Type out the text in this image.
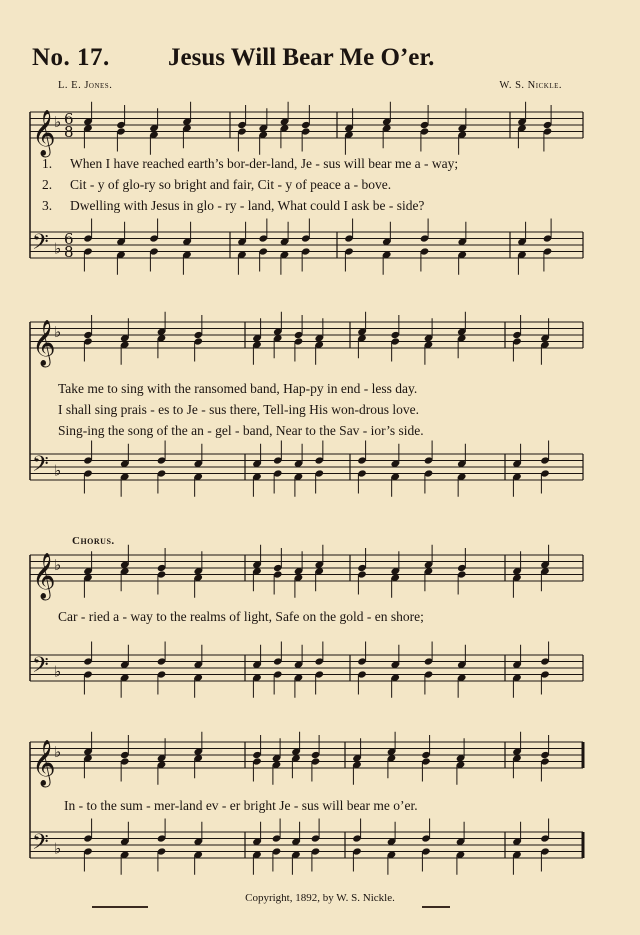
No. 17. Jesus Will Bear Me O’er.
L. E. Jones.	W. S. Nickle.
𝄞
𝄢
♭
♭
6
8
6
8
𝄞
𝄢
♭
♭
𝄞
𝄢
♭
♭
𝄞
𝄢
♭
♭
1. When I have reached earth’s bor-der-land, Je - sus will bear me a - way;
2. Cit - y of glo-ry so bright and fair, Cit - y of peace a - bove.
3. Dwelling with Jesus in glo - ry - land, What could I ask be - side?
Take me to sing with the ransomed band, Hap-py in end - less day.
I shall sing prais - es to Je - sus there, Tell-ing His won-drous love.
Sing-ing the song of the an - gel - band, Near to the Sav - ior’s side.
Chorus.
Car - ried a - way to the realms of light, Safe on the gold - en shore;
In - to the sum - mer-land ev - er bright Je - sus will bear me o’er.
Copyright, 1892, by W. S. Nickle.
